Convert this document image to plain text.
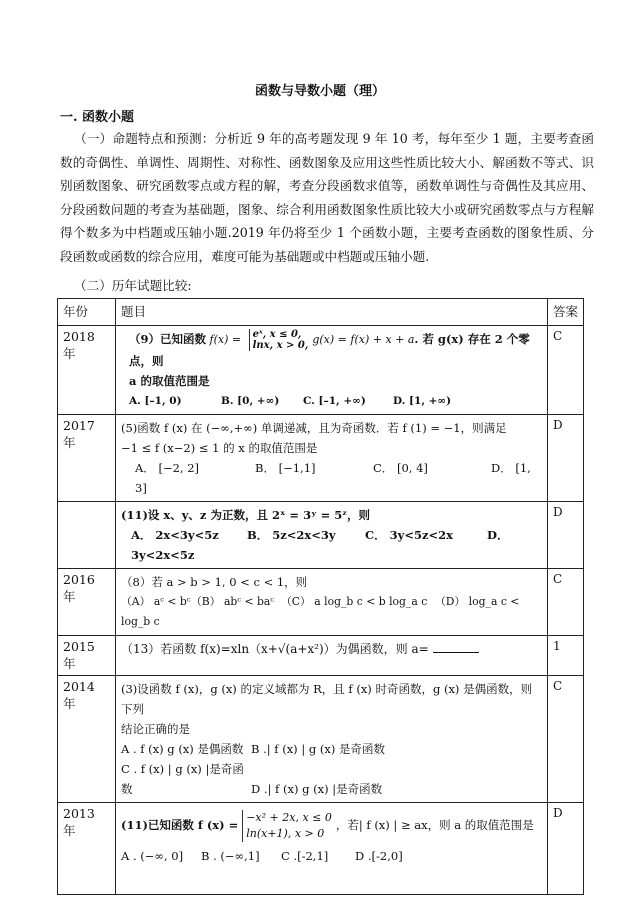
函数与导数小题（理）
一. 函数小题
（一）命题特点和预测：分析近 9 年的高考题发现 9 年 10 考，每年至少 1 题，主要考查函数的奇偶性、单调性、周期性、对称性、函数图象及应用这些性质比较大小、解函数不等式、识别函数图象、研究函数零点或方程的解，考查分段函数求值等，函数单调性与奇偶性及其应用、分段函数问题的考查为基础题，图象、综合利用函数图象性质比较大小或研究函数零点与方程解得个数多为中档题或压轴小题.2019 年仍将至少 1 个函数小题，主要考查函数的图象性质、分段函数或函数的综合应用，难度可能为基础题或中档题或压轴小题.
（二）历年试题比较:
年份	题目	答案
2018 年	（9）已知函数 f(x) = eˣ, x ≤ 0,
lnx, x > 0, g(x) = f(x) + x + a. 若 g(x) 存在 2 个零点，则
a 的取值范围是
A. [–1, 0) B. [0, +∞) C. [–1, +∞) D. [1, +∞)	C
2017 年	(5)函数 f (x) 在 (−∞,+∞) 单调递减，且为奇函数．若 f (1) = −1，则满足
−1 ≤ f (x−2) ≤ 1 的 x 的取值范围是
A． [−2, 2] B． [−1,1] C． [0, 4] D． [1, 3]	D

	(11)设 x、y、z 为正数，且 2ˣ = 3ʸ = 5ᶻ，则
A． 2x<3y<5z B． 5z<2x<3y C． 3y<5z<2x D． 3y<2x<5z	D
2016 年	（8）若 a > b > 1, 0 < c < 1，则
（A） aᶜ < bᶜ（B） abᶜ < baᶜ （C） a log_b c < b log_a c （D） log_a c < log_b c	C
2015 年	（13）若函数 f(x)=xln（x+√(a+x²)）为偶函数，则 a=	1
2014 年	(3)设函数 f (x)，g (x) 的定义域都为 R，且 f (x) 时奇函数，g (x) 是偶函数，则下列
结论正确的是
A . f (x) g (x) 是偶函数 B .| f (x) | g (x) 是奇函数
C . f (x) | g (x) |是奇函数 D .| f (x) g (x) |是奇函数	C
2013 年	(11)已知函数 f (x) =−x² + 2x, x ≤ 0
ln(x+1), x > 0，若| f (x) | ≥ ax，则 a 的取值范围是
A . (−∞, 0] B . (−∞,1] C .[-2,1] D .[-2,0]	D
